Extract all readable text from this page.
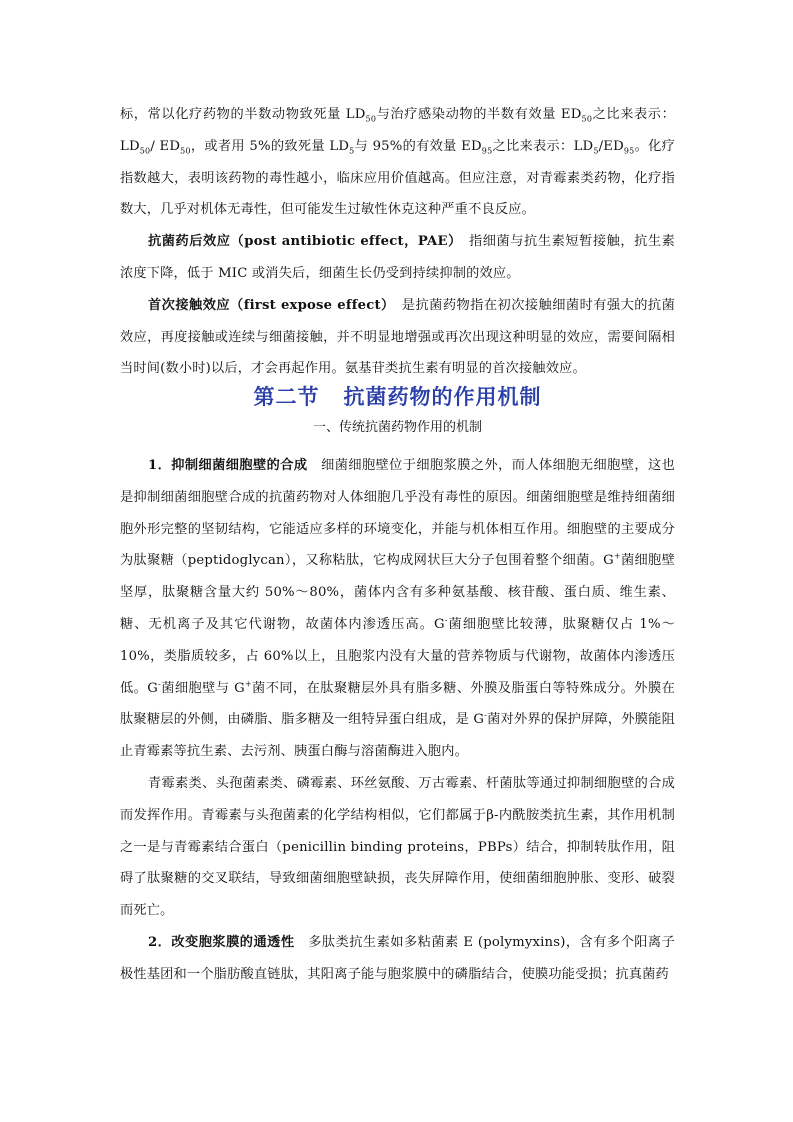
标，常以化疗药物的半数动物致死量 $LD_{50}$与治疗感染动物的半数有效量 $ED_{50}$之比来表示：$LD_{50}/$ $ED_{50}$，或者用 5%的致死量 $LD_5$与 95%的有效量 $ED_{95}$之比来表示：$LD_5/ED_{95}$。化疗指数越大，表明该药物的毒性越小，临床应用价值越高。但应注意，对青霉素类药物，化疗指数大，几乎对机体无毒性，但可能发生过敏性休克这种严重不良反应。

抗菌药后效应（post antibiotic effect，PAE）　指细菌与抗生素短暂接触，抗生素浓度下降，低于 MIC 或消失后，细菌生长仍受到持续抑制的效应。

首次接触效应（first expose effect）　是抗菌药物指在初次接触细菌时有强大的抗菌效应，再度接触或连续与细菌接触，并不明显地增强或再次出现这种明显的效应，需要间隔相当时间(数小时)以后，才会再起作用。氨基苷类抗生素有明显的首次接触效应。

第二节 抗菌药物的作用机制

一、传统抗菌药物作用的机制

1．抑制细菌细胞壁的合成　细菌细胞壁位于细胞浆膜之外，而人体细胞无细胞壁，这也是抑制细菌细胞壁合成的抗菌药物对人体细胞几乎没有毒性的原因。细菌细胞壁是维持细菌细胞外形完整的坚韧结构，它能适应多样的环境变化，并能与机体相互作用。细胞壁的主要成分为肽聚糖（peptidoglycan），又称粘肽，它构成网状巨大分子包围着整个细菌。G+菌细胞壁坚厚，肽聚糖含量大约 50%～80%，菌体内含有多种氨基酸、核苷酸、蛋白质、维生素、糖、无机离子及其它代谢物，故菌体内渗透压高。G-菌细胞壁比较薄，肽聚糖仅占 1%～10%，类脂质较多，占 60%以上，且胞浆内没有大量的营养物质与代谢物，故菌体内渗透压低。G-菌细胞壁与 G+菌不同，在肽聚糖层外具有脂多糖、外膜及脂蛋白等特殊成分。外膜在肽聚糖层的外侧，由磷脂、脂多糖及一组特异蛋白组成，是 G-菌对外界的保护屏障，外膜能阻止青霉素等抗生素、去污剂、胰蛋白酶与溶菌酶进入胞内。

青霉素类、头孢菌素类、磷霉素、环丝氨酸、万古霉素、杆菌肽等通过抑制细胞壁的合成而发挥作用。青霉素与头孢菌素的化学结构相似，它们都属于β-内酰胺类抗生素，其作用机制之一是与青霉素结合蛋白（penicillin binding proteins，PBPs）结合，抑制转肽作用，阻碍了肽聚糖的交叉联结，导致细菌细胞壁缺损，丧失屏障作用，使细菌细胞肿胀、变形、破裂而死亡。

2．改变胞浆膜的通透性　多肽类抗生素如多粘菌素 E (polymyxins)，含有多个阳离子极性基团和一个脂肪酸直链肽，其阳离子能与胞浆膜中的磷脂结合，使膜功能受损；抗真菌药
